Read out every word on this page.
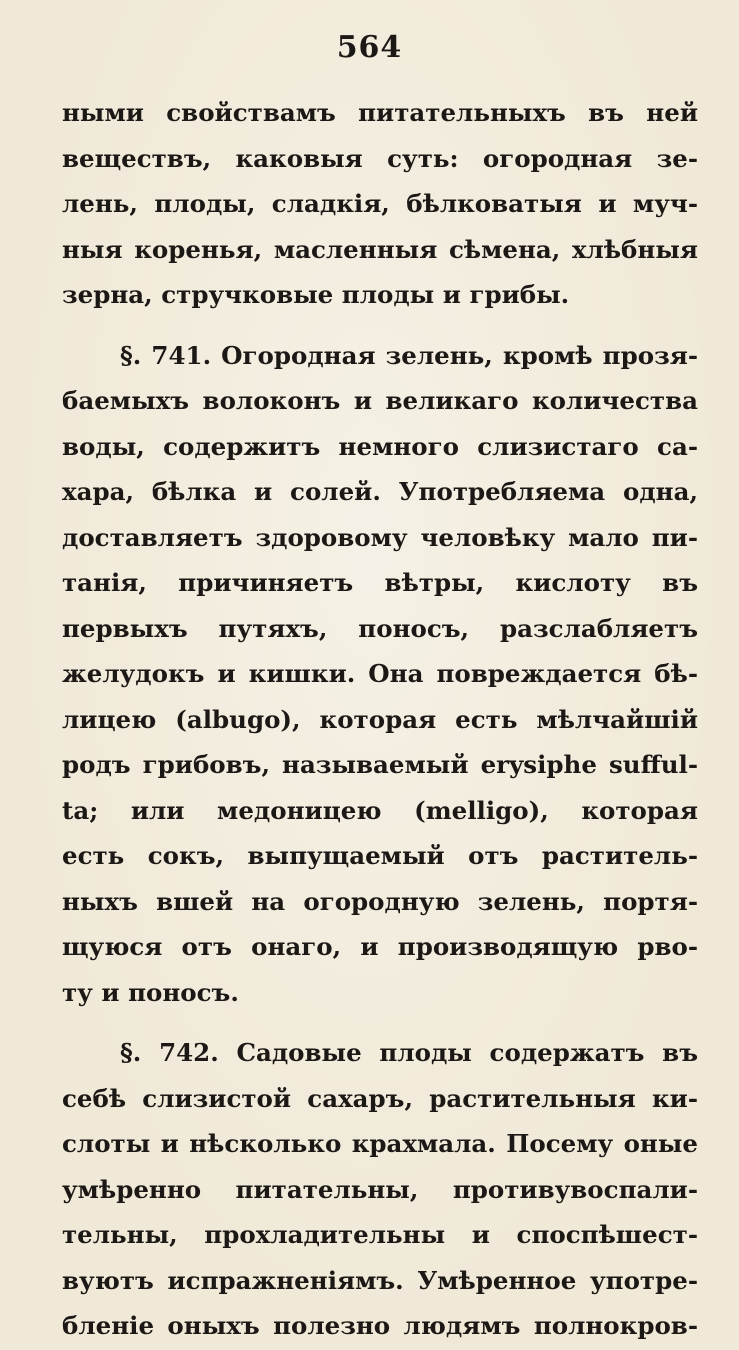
564
ными свойствамъ питательныхъ въ ней
веществъ, каковыя суть: огородная зе-
лень, плоды, сладкія, бѣлковатыя и муч-
ныя коренья, масленныя сѣмена, хлѣбныя
зерна, стручковые плоды и грибы.
§. 741. Огородная зелень, кромѣ прозя-
баемыхъ волоконъ и великаго количества
воды, содержитъ немного слизистаго са-
хара, бѣлка и солей. Употребляема одна,
доставляетъ здоровому человѣку мало пи-
танія, причиняетъ вѣтры, кислоту въ
первыхъ путяхъ, поносъ, разслабляетъ
желудокъ и кишки. Она повреждается бѣ-
лицею (albugo), которая есть мѣлчайшій
родъ грибовъ, называемый erysiphe sufful-
ta; или медоницею (melligo), которая
есть сокъ, выпущаемый отъ раститель-
ныхъ вшей на огородную зелень, портя-
щуюся отъ онаго, и производящую рво-
ту и поносъ.
§. 742. Садовые плоды содержатъ въ
себѣ слизистой сахаръ, растительныя ки-
слоты и нѣсколько крахмала. Посему оные
умѣренно питательны, противувоспали-
тельны, прохладительны и споспѣшест-
вуютъ испражненіямъ. Умѣренное употре-
бленіе оныхъ полезно людямъ полнокров-
